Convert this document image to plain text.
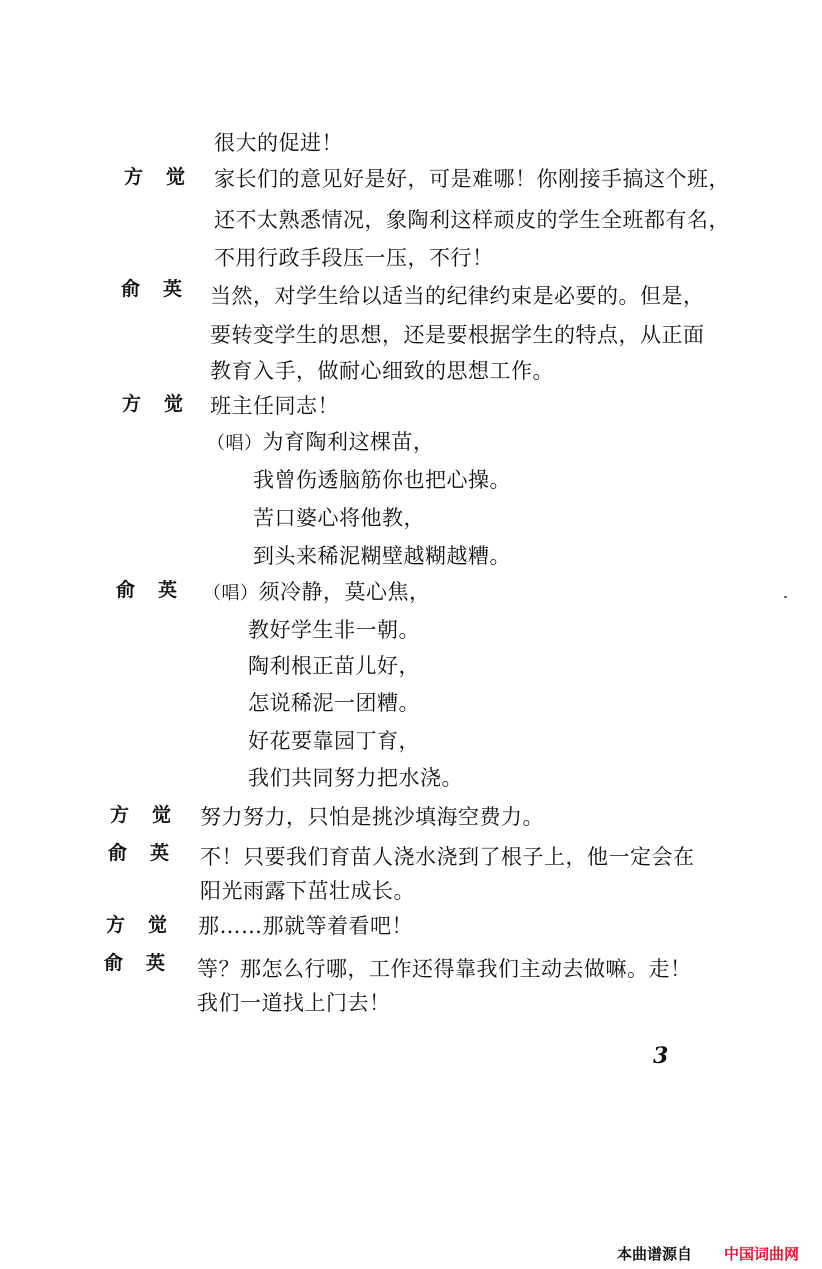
很大的促进！
方 觉 家长们的意见好是好，可是难哪！你刚接手搞这个班，
还不太熟悉情况，象陶利这样顽皮的学生全班都有名，
不用行政手段压一压，不行！
俞 英 当然，对学生给以适当的纪律约束是必要的。但是，
要转变学生的思想，还是要根据学生的特点，从正面
教育入手，做耐心细致的思想工作。
方 觉 班主任同志！
（唱）为育陶利这棵苗，
我曾伤透脑筋你也把心操。
苦口婆心将他教，
到头来稀泥糊壁越糊越糟。
俞 英 （唱）须冷静，莫心焦，
教好学生非一朝。
陶利根正苗儿好，
怎说稀泥一团糟。
好花要靠园丁育，
我们共同努力把水浇。
方 觉 努力努力，只怕是挑沙填海空费力。
俞 英 不！只要我们育苗人浇水浇到了根子上，他一定会在
阳光雨露下茁壮成长。
方 觉 那……那就等着看吧！
俞 英 等？那怎么行哪，工作还得靠我们主动去做嘛。走！
我们一道找上门去！
3
本曲谱源自 中国词曲网
